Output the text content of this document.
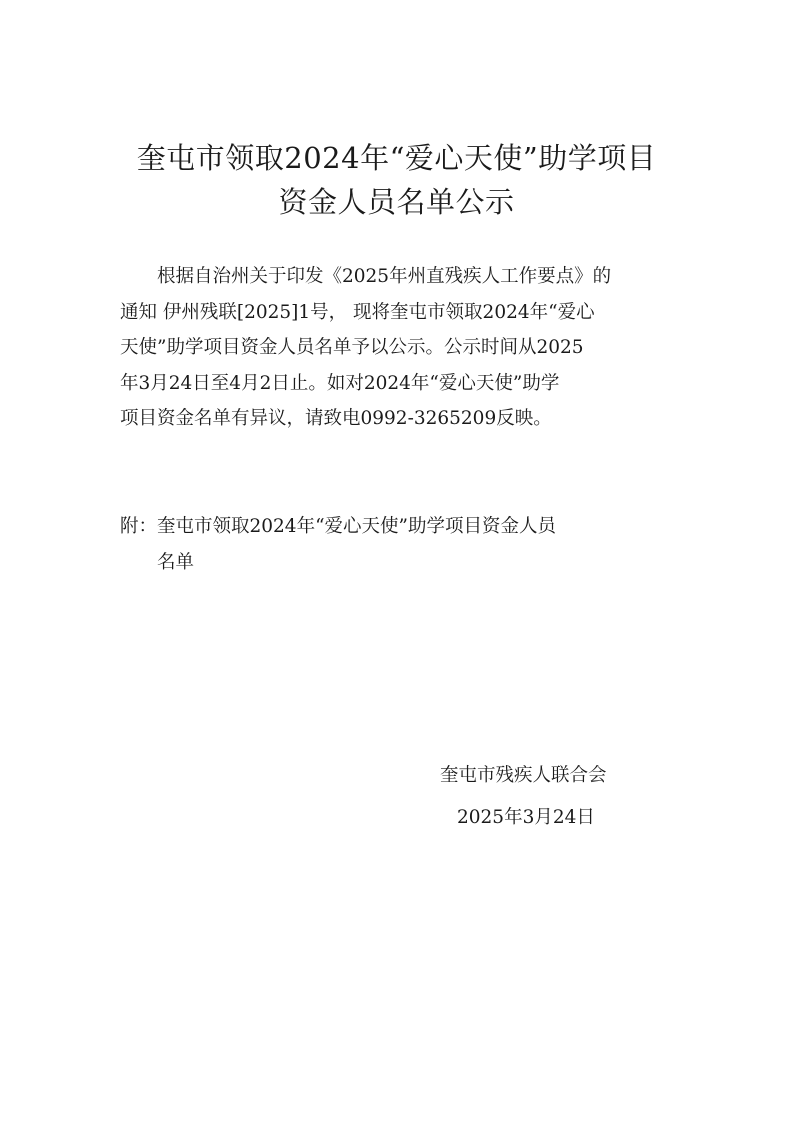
奎屯市领取2024年“爱心天使”助学项目
资金人员名单公示
　　根据自治州关于印发《2025年州直残疾人工作要点》的
通知 伊州残联[2025]1号， 现将奎屯市领取2024年“爱心
天使”助学项目资金人员名单予以公示。公示时间从2025
年3月24日至4月2日止。如对2024年“爱心天使”助学
项目资金名单有异议，请致电0992-3265209反映。
附：奎屯市领取2024年“爱心天使”助学项目资金人员
　　名单
奎屯市残疾人联合会
2025年3月24日
